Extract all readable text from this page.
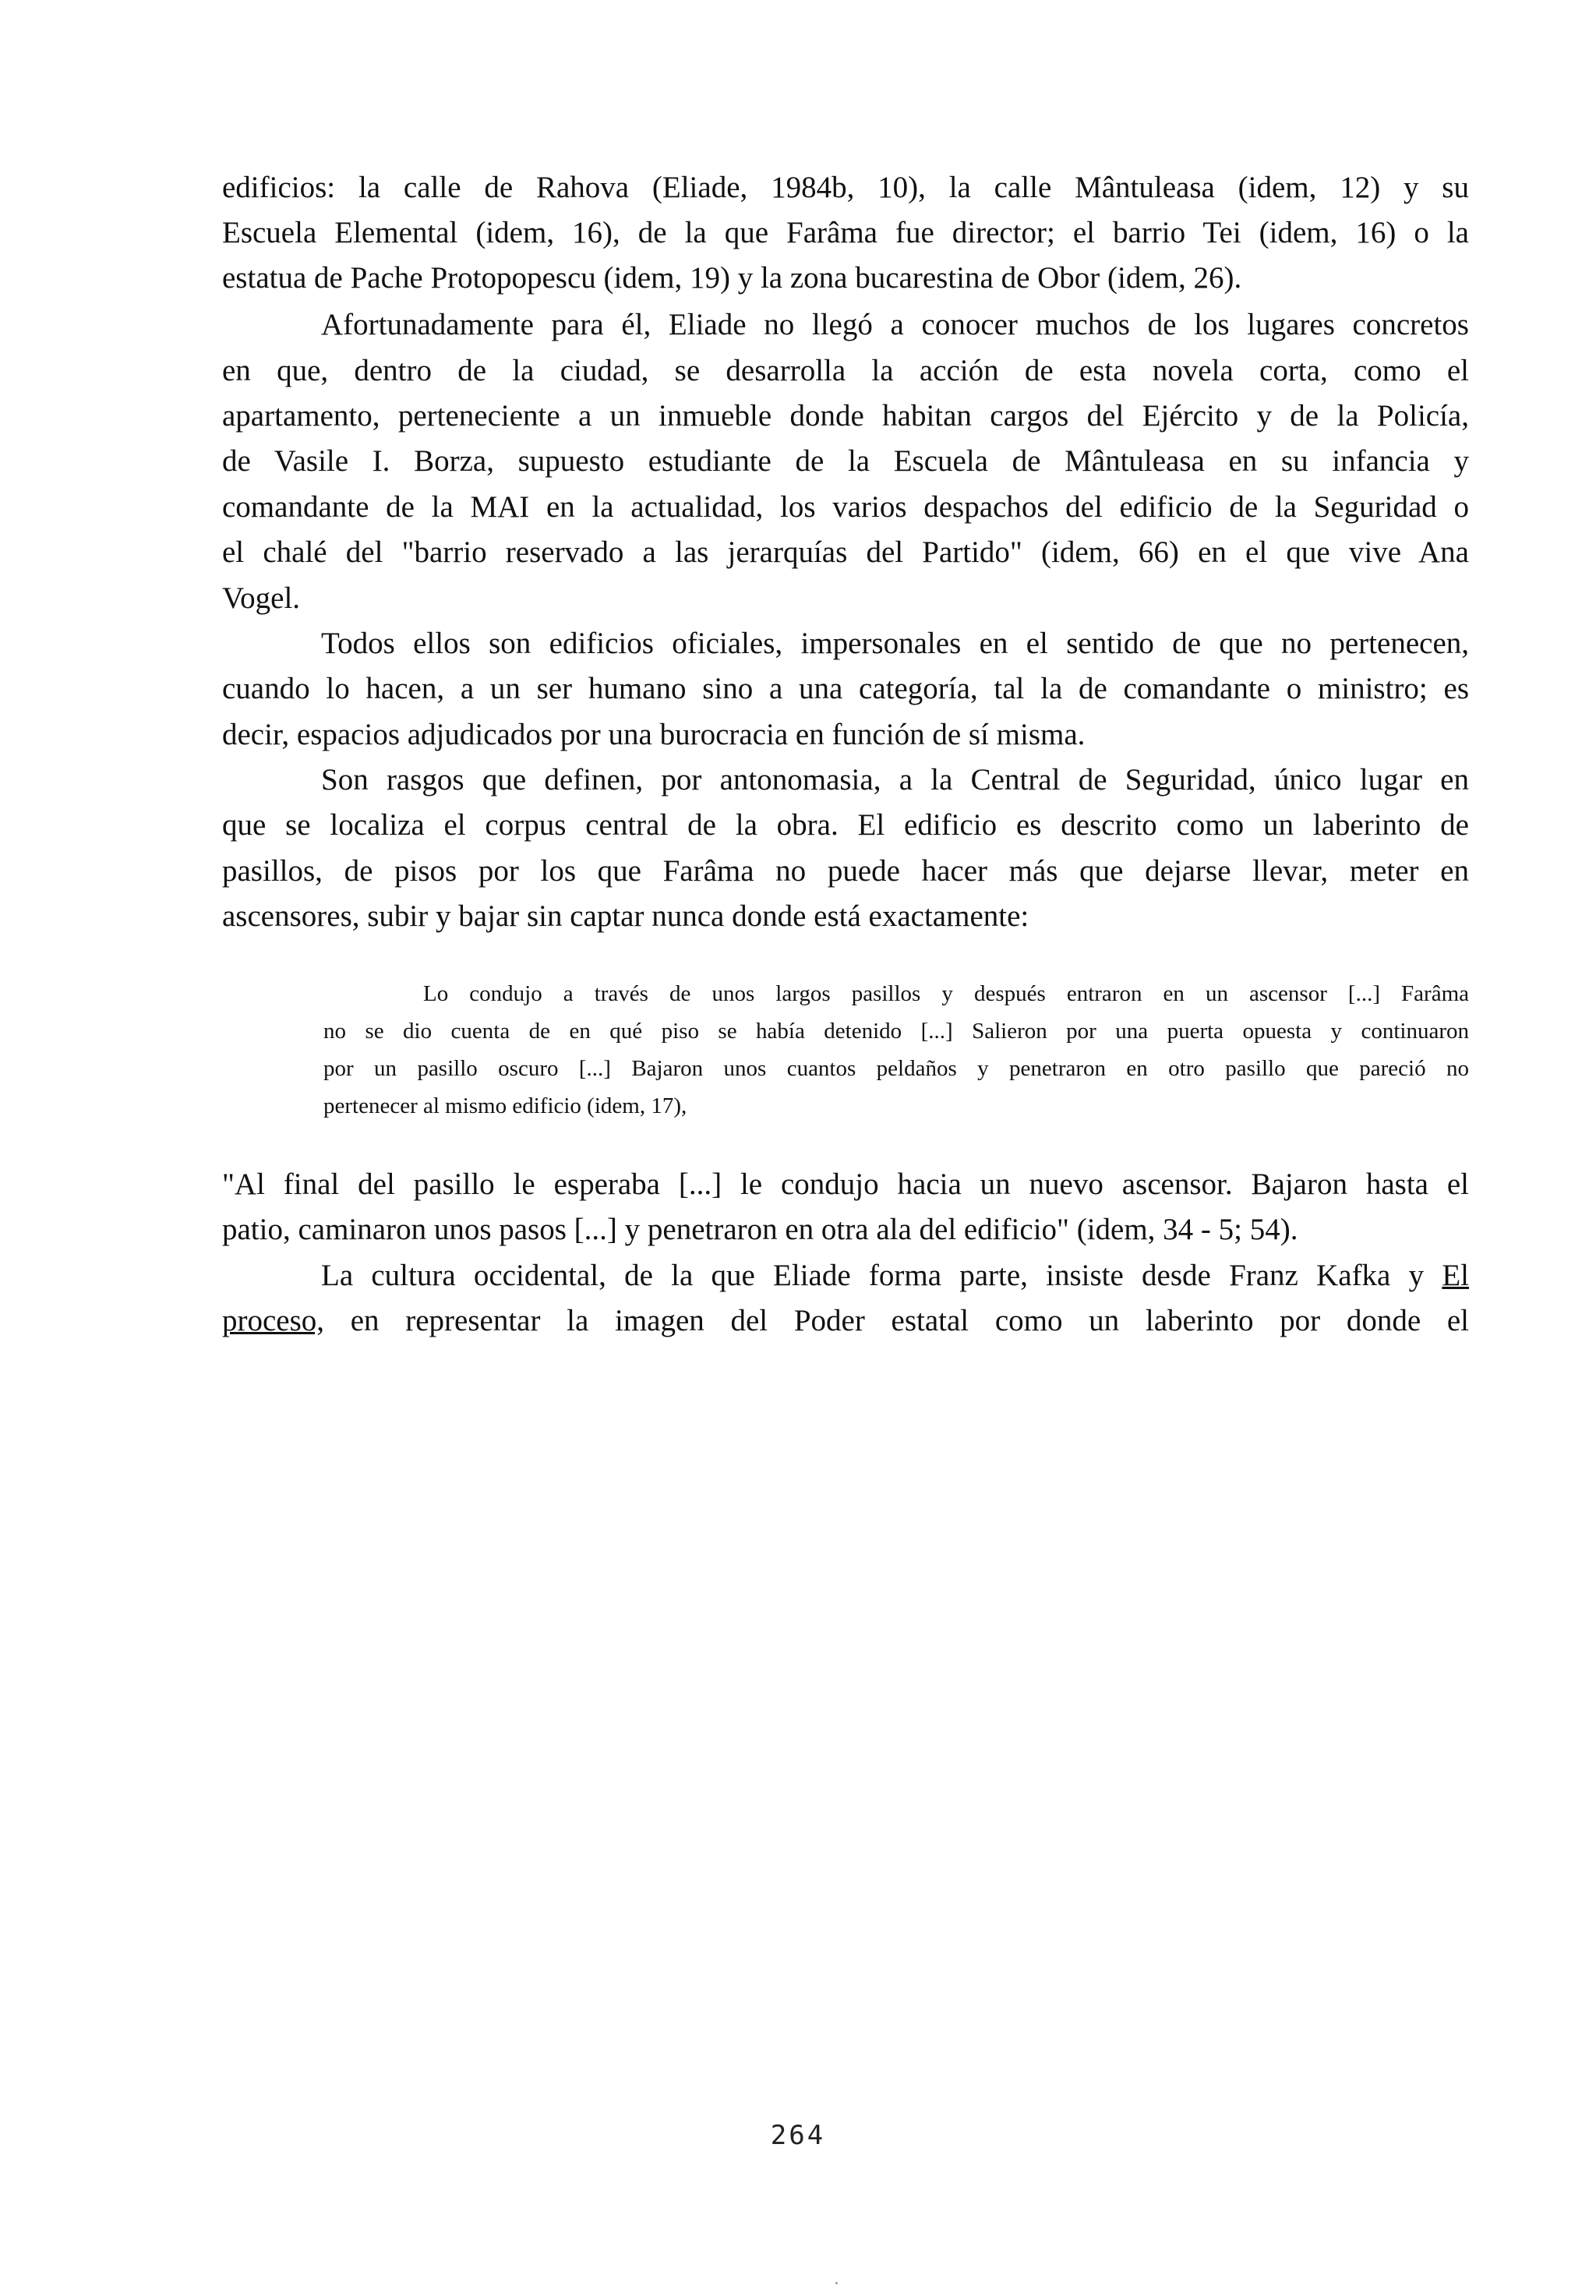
edificios: la calle de Rahova (Eliade, 1984b, 10), la calle Mântuleasa (idem, 12) y su
Escuela Elemental (idem, 16), de la que Farâma fue director; el barrio Tei (idem, 16) o la
estatua de Pache Protopopescu (idem, 19) y la zona bucarestina de Obor (idem, 26).
Afortunadamente para él, Eliade no llegó a conocer muchos de los lugares concretos
en que, dentro de la ciudad, se desarrolla la acción de esta novela corta, como el
apartamento, perteneciente a un inmueble donde habitan cargos del Ejército y de la Policía,
de Vasile I. Borza, supuesto estudiante de la Escuela de Mântuleasa en su infancia y
comandante de la MAI en la actualidad, los varios despachos del edificio de la Seguridad o
el chalé del "barrio reservado a las jerarquías del Partido" (idem, 66) en el que vive Ana
Vogel.
Todos ellos son edificios oficiales, impersonales en el sentido de que no pertenecen,
cuando lo hacen, a un ser humano sino a una categoría, tal la de comandante o ministro; es
decir, espacios adjudicados por una burocracia en función de sí misma.
Son rasgos que definen, por antonomasia, a la Central de Seguridad, único lugar en
que se localiza el corpus central de la obra. El edificio es descrito como un laberinto de
pasillos, de pisos por los que Farâma no puede hacer más que dejarse llevar, meter en
ascensores, subir y bajar sin captar nunca donde está exactamente:
Lo condujo a través de unos largos pasillos y después entraron en un ascensor [...] Farâma
no se dio cuenta de en qué piso se había detenido [...] Salieron por una puerta opuesta y continuaron
por un pasillo oscuro [...] Bajaron unos cuantos peldaños y penetraron en otro pasillo que pareció no
pertenecer al mismo edificio (idem, 17),
"Al final del pasillo le esperaba [...] le condujo hacia un nuevo ascensor. Bajaron hasta el
patio, caminaron unos pasos [...] y penetraron en otra ala del edificio" (idem, 34 - 5; 54).
La cultura occidental, de la que Eliade forma parte, insiste desde Franz Kafka y El
proceso, en representar la imagen del Poder estatal como un laberinto por donde el
264
